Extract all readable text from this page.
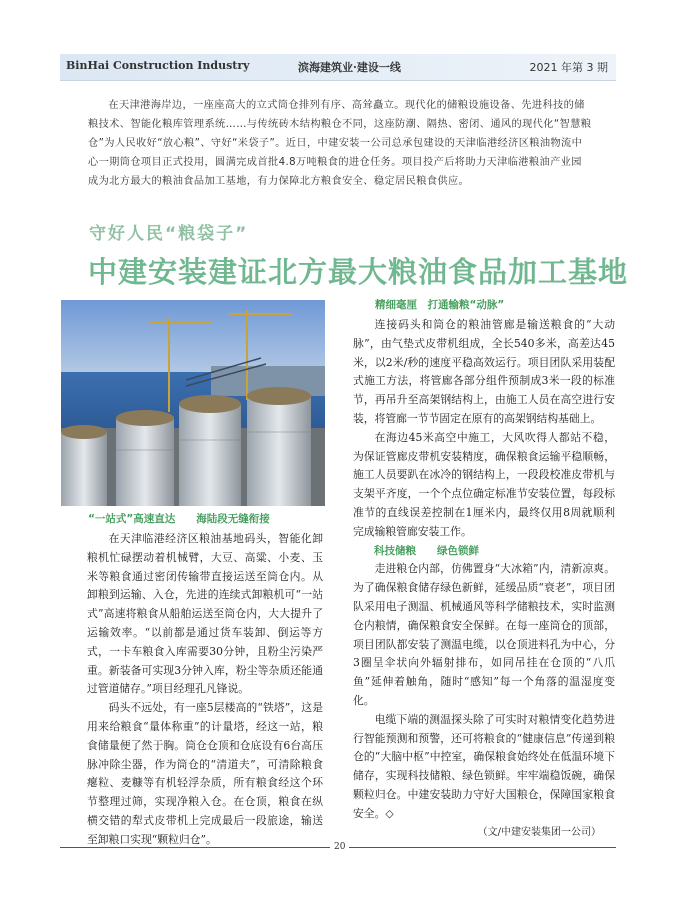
BinHai Construction Industry	滨海建筑业·建设一线	2021 年第 3 期

在天津港海岸边，一座座高大的立式筒仓排列有序、高耸矗立。现代化的储粮设施设备、先进科技的储粮技术、智能化粮库管理系统……与传统砖木结构粮仓不同，这座防潮、隔热、密闭、通风的现代化“智慧粮仓”为人民收好“放心粮”、守好“米袋子”。近日，中建安装一公司总承包建设的天津临港经济区粮油物流中心一期筒仓项目正式投用，圆满完成首批4.8万吨粮食的进仓任务。项目投产后将助力天津临港粮油产业园成为北方最大的粮油食品加工基地，有力保障北方粮食安全、稳定居民粮食供应。

守好人民“粮袋子”
中建安装建证北方最大粮油食品加工基地
“一站式”高速直达　　海陆段无缝衔接

在天津临港经济区粮油基地码头，智能化卸粮机忙碌摆动着机械臂，大豆、高粱、小麦、玉米等粮食通过密闭传输带直接运送至筒仓内。从卸粮到运输、入仓，先进的连续式卸粮机可“一站式”高速将粮食从船舶运送至筒仓内，大大提升了运输效率。“以前都是通过货车装卸、倒运等方式，一卡车粮食入库需要30分钟，且粉尘污染严重。新装备可实现3分钟入库，粉尘等杂质还能通过管道储存。”项目经理孔凡锋说。

码头不远处，有一座5层楼高的“铁塔”，这是用来给粮食“量体称重”的计量塔，经这一站，粮食储量便了然于胸。筒仓仓顶和仓底设有6台高压脉冲除尘器，作为筒仓的“清道夫”，可清除粮食瘪粒、麦糠等有机轻浮杂质，所有粮食经这个环节整理过筛，实现净粮入仓。在仓顶，粮食在纵横交错的犁式皮带机上完成最后一段旅途，输送至卸粮口实现“颗粒归仓”。

精细毫厘　打通输粮“动脉”

连接码头和筒仓的粮油管廊是输送粮食的“大动脉”，由气垫式皮带机组成，全长540多米，高差达45米，以2米/秒的速度平稳高效运行。项目团队采用装配式施工方法，将管廊各部分组件预制成3米一段的标准节，再吊升至高架钢结构上，由施工人员在高空进行安装，将管廊一节节固定在原有的高架钢结构基础上。

在海边45米高空中施工，大风吹得人都站不稳，为保证管廊皮带机安装精度，确保粮食运输平稳顺畅，施工人员要趴在冰冷的钢结构上，一段段校准皮带机与支架平齐度，一个个点位确定标准节安装位置，每段标准节的直线误差控制在1厘米内，最终仅用8周就顺利完成输粮管廊安装工作。

科技储粮　　绿色锁鲜

走进粮仓内部，仿佛置身“大冰箱”内，清新凉爽。为了确保粮食储存绿色新鲜，延缓品质“衰老”，项目团队采用电子测温、机械通风等科学储粮技术，实时监测仓内粮情，确保粮食安全保鲜。在每一座筒仓的顶部，项目团队都安装了测温电缆，以仓顶进料孔为中心，分3圈呈伞状向外辐射排布，如同吊挂在仓顶的“八爪鱼”延伸着触角，随时“感知”每一个角落的温湿度变化。

电缆下端的测温探头除了可实时对粮情变化趋势进行智能预测和预警，还可将粮食的“健康信息”传递到粮仓的“大脑中枢”中控室，确保粮食始终处在低温环境下储存，实现科技储粮、绿色锁鲜。牢牢端稳饭碗，确保颗粒归仓。中建安装助力守好大国粮仓，保障国家粮食安全。◇

（文/中建安装集团一公司）

20
